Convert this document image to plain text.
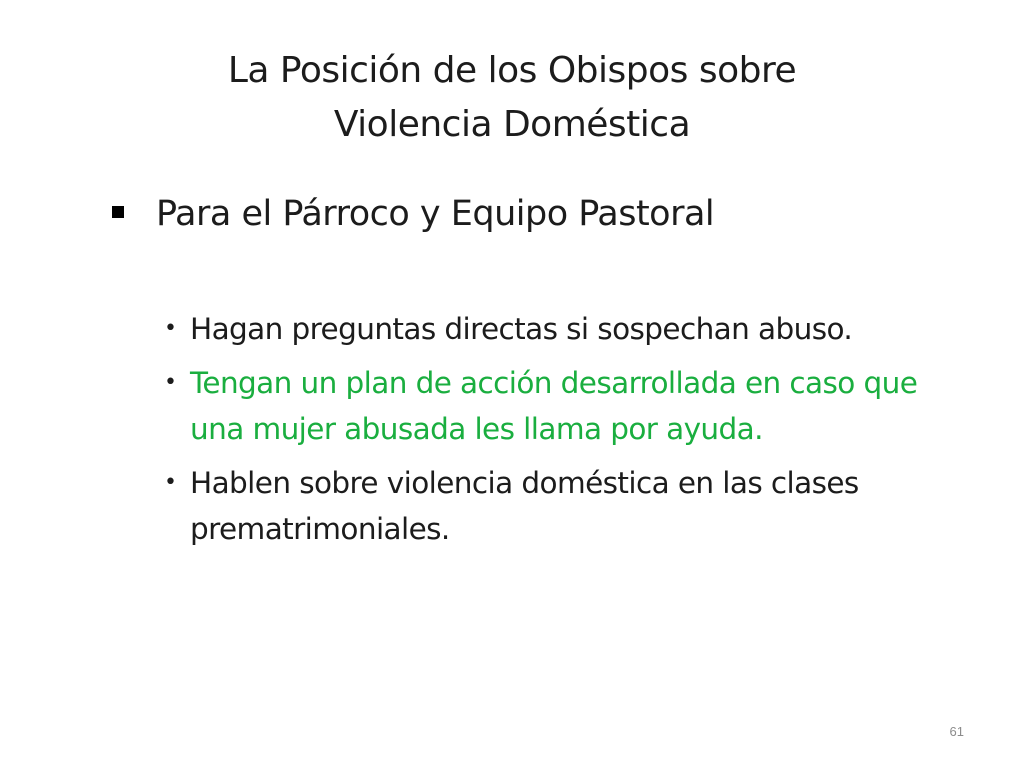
La Posición de los Obispos sobre
Violencia Doméstica
Para el Párroco y Equipo Pastoral
• Hagan preguntas directas si sospechan abuso.
• Tengan un plan de acción desarrollada en caso que una mujer abusada les llama por ayuda.
• Hablen sobre violencia doméstica en las clases prematrimoniales.
61
